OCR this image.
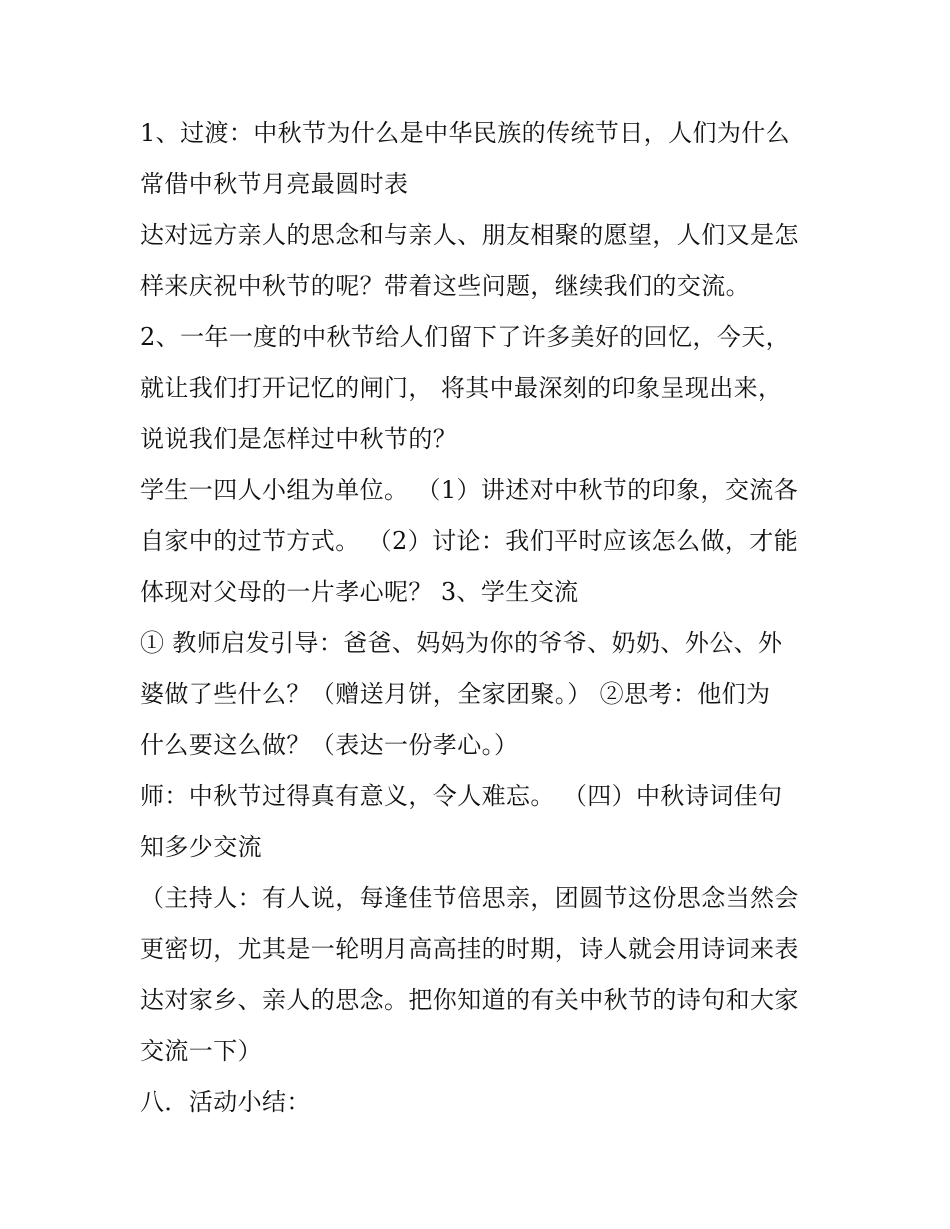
1、过渡：中秋节为什么是中华民族的传统节日，人们为什么
常借中秋节月亮最圆时表
达对远方亲人的思念和与亲人、朋友相聚的愿望，人们又是怎
样来庆祝中秋节的呢？带着这些问题，继续我们的交流。
2、一年一度的中秋节给人们留下了许多美好的回忆，今天，
就让我们打开记忆的闸门， 将其中最深刻的印象呈现出来，
说说我们是怎样过中秋节的？
学生一四人小组为单位。 （1）讲述对中秋节的印象，交流各
自家中的过节方式。 （2）讨论：我们平时应该怎么做，才能
体现对父母的一片孝心呢？ 3、学生交流
① 教师启发引导：爸爸、妈妈为你的爷爷、奶奶、外公、外
婆做了些什么？（赠送月饼，全家团聚。） ②思考：他们为
什么要这么做？（表达一份孝心。）
师：中秋节过得真有意义，令人难忘。 （四）中秋诗词佳句
知多少交流
（主持人：有人说，每逢佳节倍思亲，团圆节这份思念当然会
更密切，尤其是一轮明月高高挂的时期，诗人就会用诗词来表
达对家乡、亲人的思念。把你知道的有关中秋节的诗句和大家
交流一下）
八．活动小结：
